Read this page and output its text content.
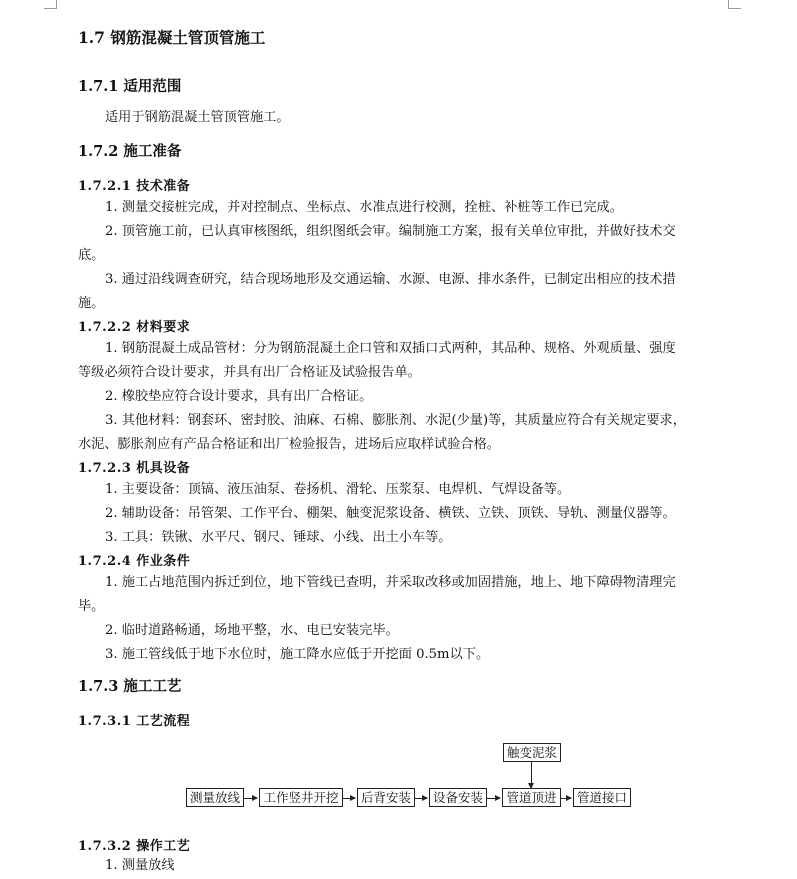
1.7 钢筋混凝土管顶管施工

1.7.1 适用范围

适用于钢筋混凝土管顶管施工。

1.7.2 施工准备

1.7.2.1 技术准备

1. 测量交接桩完成，并对控制点、坐标点、水准点进行校测，拴桩、补桩等工作已完成。

2. 顶管施工前，已认真审核图纸，组织图纸会审。编制施工方案，报有关单位审批，并做好技术交

底。

3. 通过沿线调查研究，结合现场地形及交通运输、水源、电源、排水条件，已制定出相应的技术措

施。

1.7.2.2 材料要求

1. 钢筋混凝土成品管材：分为钢筋混凝土企口管和双插口式两种，其品种、规格、外观质量、强度

等级必须符合设计要求，并具有出厂合格证及试验报告单。

2. 橡胶垫应符合设计要求，具有出厂合格证。

3. 其他材料：钢套环、密封胶、油麻、石棉、膨胀剂、水泥(少量)等，其质量应符合有关规定要求，

水泥、膨胀剂应有产品合格证和出厂检验报告，进场后应取样试验合格。

1.7.2.3 机具设备

1. 主要设备：顶镐、液压油泵、卷扬机、滑轮、压浆泵、电焊机、气焊设备等。

2. 辅助设备：吊管架、工作平台、棚架、触变泥浆设备、横铁、立铁、顶铁、导轨、测量仪器等。

3. 工具：铁锹、水平尺、钢尺、锤球、小线、出土小车等。

1.7.2.4 作业条件

1. 施工占地范围内拆迁到位，地下管线已查明，并采取改移或加固措施，地上、地下障碍物清理完

毕。

2. 临时道路畅通，场地平整，水、电已安装完毕。

3. 施工管线低于地下水位时，施工降水应低于开挖面 0.5m以下。

1.7.3 施工工艺

1.7.3.1 工艺流程

触变泥浆
测量放线	工作竖井开挖	后背安装	设备安装	管道顶进	管道接口

1.7.3.2 操作工艺

1. 测量放线
